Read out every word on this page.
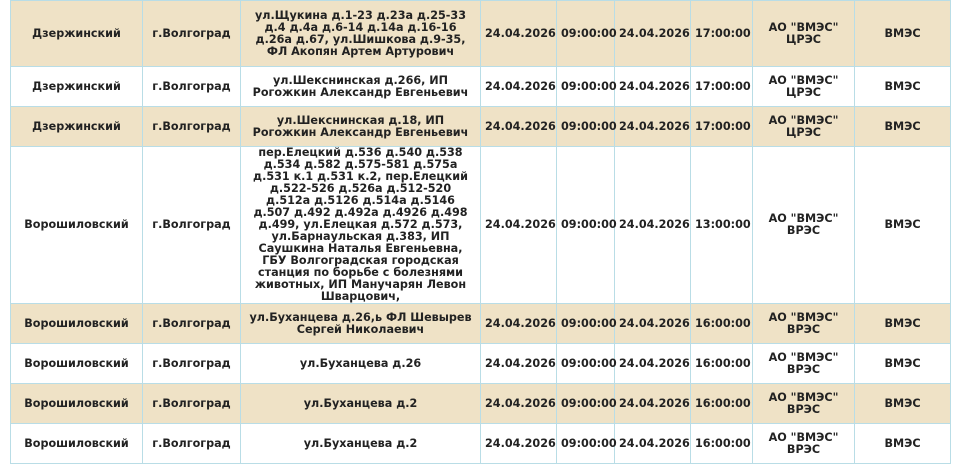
Дзержинский	г.Волгоград	ул.Щукина д.1-23 д.23а д.25-33 д.4 д.4а д.6-14 д.14а д.16-16 д.26а д.67, ул.Шишкова д.9-35, ФЛ Акопян Артем Артурович	24.04.2026	09:00:00	24.04.2026	17:00:00	АО "ВМЭС" ЦРЭС	ВМЭС
Дзержинский	г.Волгоград	ул.Шекснинская д.266, ИП Рогожкин Александр Евгеньевич	24.04.2026	09:00:00	24.04.2026	17:00:00	АО "ВМЭС" ЦРЭС	ВМЭС
Дзержинский	г.Волгоград	ул.Шекснинская д.18, ИП Рогожкин Александр Евгеньевич	24.04.2026	09:00:00	24.04.2026	17:00:00	АО "ВМЭС" ЦРЭС	ВМЭС
Ворошиловский	г.Волгоград	пер.Елецкий д.536 д.540 д.538 д.534 д.582 д.575-581 д.575а д.531 к.1 д.531 к.2, пер.Елецкий д.522-526 д.526а д.512-520 д.512а д.5126 д.514а д.5146 д.507 д.492 д.492а д.4926 д.498 д.499, ул.Елецкая д.572 д.573, ул.Барнаульская д.383, ИП Саушкина Наталья Евгеньевна, ГБУ Волгоградская городская станция по борьбе с болезнями животных, ИП Манучарян Левон Шварцович,	24.04.2026	09:00:00	24.04.2026	13:00:00	АО "ВМЭС" ВРЭС	ВМЭС
Ворошиловский	г.Волгоград	ул.Буханцева д.26,ь ФЛ Шевырев Сергей Николаевич	24.04.2026	09:00:00	24.04.2026	16:00:00	АО "ВМЭС" ВРЭС	ВМЭС
Ворошиловский	г.Волгоград	ул.Буханцева д.26	24.04.2026	09:00:00	24.04.2026	16:00:00	АО "ВМЭС" ВРЭС	ВМЭС
Ворошиловский	г.Волгоград	ул.Буханцева д.2	24.04.2026	09:00:00	24.04.2026	16:00:00	АО "ВМЭС" ВРЭС	ВМЭС
Ворошиловский	г.Волгоград	ул.Буханцева д.2	24.04.2026	09:00:00	24.04.2026	16:00:00	АО "ВМЭС" ВРЭС	ВМЭС
